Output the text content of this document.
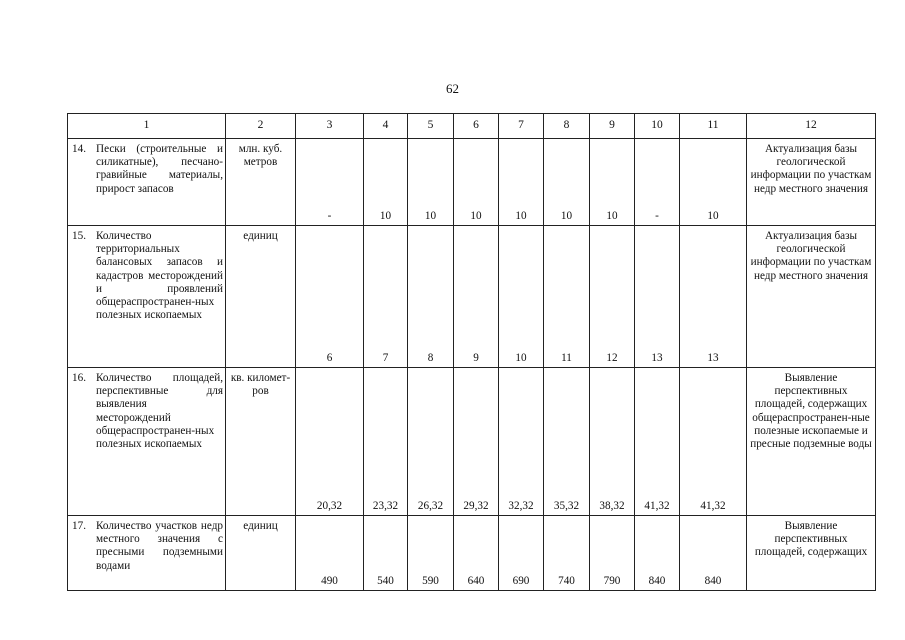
62
1	2	3	4	5	6	7	8	9	10	11	12

14. Пески (строительные и силикатные), песчано-гравийные материалы, прирост запасов	млн. куб. метров	-	10	10	10	10	10	10	-	10	Актуализация базы геологической информации по участкам недр местного значения

15. Количество территориальных балансовых запасов и кадастров месторождений и проявлений общераспространен-ных полезных ископаемых	единиц	6	7	8	9	10	11	12	13	13	Актуализация базы геологической информации по участкам недр местного значения

16. Количество площадей, перспективные для выявления месторождений общераспространен-ных полезных ископаемых	кв. километ-ров	20,32	23,32	26,32	29,32	32,32	35,32	38,32	41,32	41,32	Выявление перспективных площадей, содержащих общераспространен-ные полезные ископаемые и пресные подземные воды

17. Количество участков недр местного значения с пресными подземными водами	единиц	490	540	590	640	690	740	790	840	840	Выявление перспективных площадей, содержащих
